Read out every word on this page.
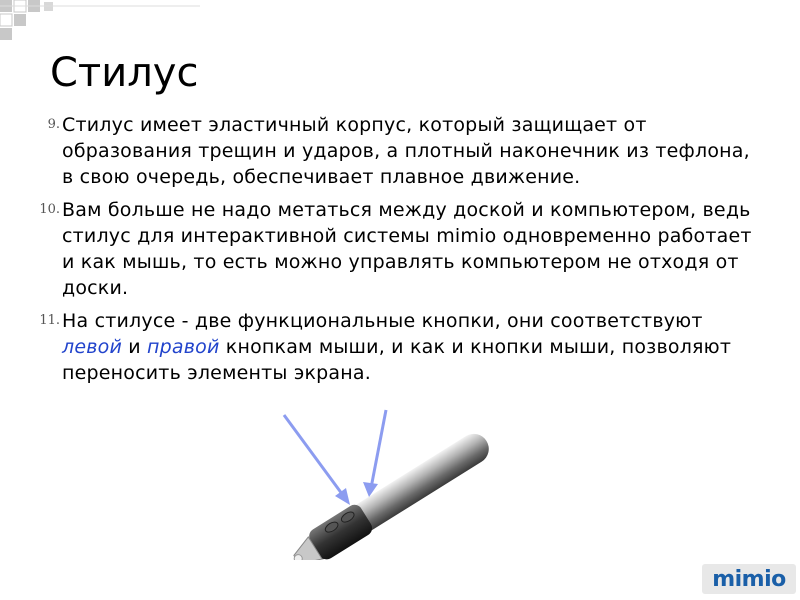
Стилус
9. Стилус имеет эластичный корпус, который защищает от образования трещин и ударов, а плотный наконечник из тефлона, в свою очередь, обеспечивает плавное движение.
10. Вам больше не надо метаться между доской и компьютером, ведь стилус для интерактивной системы mimio одновременно работает и как мышь, то есть можно управлять компьютером не отходя от доски.
11. На стилусе - две функциональные кнопки, они соответствуют левой и правой кнопкам мыши, и как и кнопки мыши, позволяют переносить элементы экрана.
mimio
